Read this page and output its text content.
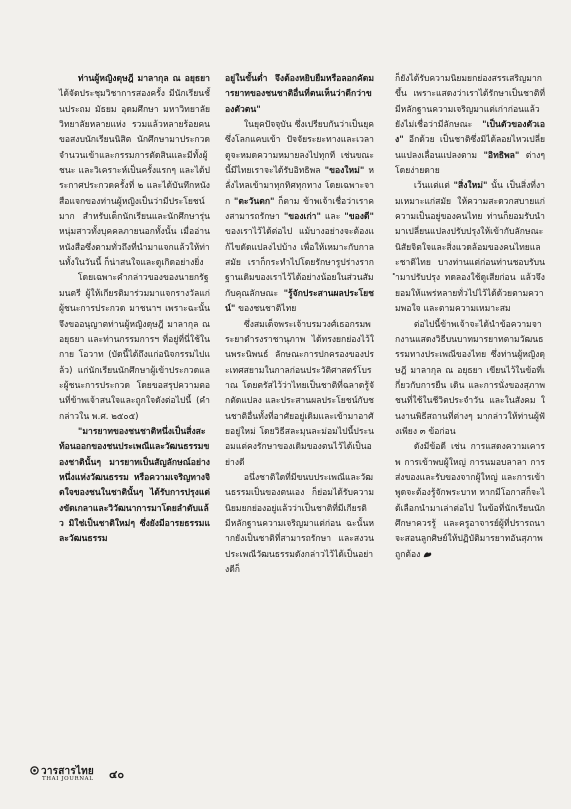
ท่านผู้หญิงดุษฎี มาลากุล ณ อยุธยา ได้จัดประชุมวิชาการสองครั้ง มีนักเรียนชั้นประถม มัธยม อุดมศึกษา มหาวิทยาลัย วิทยาลัยหลายแห่ง รวมแล้วหลายร้อยคน ขอสงบนักเรียนนิสิต นักศึกษามาประกวด จำนวนเข้าและกรรมการตัดสินและมีทั้งผู้ชนะ และวิเคราะห์เป็นครั้งแรกๆ และได้ประกาศประกวดครั้งที่ ๒ และได้บันทึกหนังสือแจกของท่านผู้หญิงเป็นว่ามีประโยชน์มาก สำหรับเด็กนักเรียนและนักศึกษารุ่นหนุ่มสาวทั้งบุคคลภายนอกทั้งนั้น เมื่ออ่านหนังสือซึ่งตามทั่วถึงที่นำมาแจกแล้วให้ท่านทั้งในวันนี้ ก็น่าสนใจและดูเกิดอย่างยิ่ง

โดยเฉพาะคำกล่าวของของนายกรัฐมนตรี ผู้ให้เกียรติมาร่วมมาแจกรางวัลแก่ผู้ชนะการประกวด มาชนาฯ เพราะฉะนั้นจึงขออนุญาตท่านผู้หญิงดุษฎี มาลากุล ณ อยุธยา และท่านกรรมการฯ ที่อยู่ที่นี่ใช้ในกาย โอวาท (บัดนี้ได้ถึงแก่อนิจกรรมไปแล้ว) แก่นักเรียนนักศึกษาผู้เข้าประกวดและผู้ชนะการประกวด โดยขอสรุปความตอนที่ข้าพเจ้าสนใจและถูกใจดังต่อไปนี้ (คำกล่าวใน พ.ศ. ๒๕๐๕)

"มารยาทของชนชาติหนึ่งเป็นสิ่งสะท้อนออกของชนประเพณีและวัฒนธรรมของชาตินั้นๆ มารยาทเป็นสัญลักษณ์อย่างหนึ่งแห่งวัฒนธรรม หรือความเจริญทางจิตใจของชนในชาตินั้นๆ ได้รับการปรุงแต่งขัดเกลาและวิวัฒนาการมาโดยลำดับแล้ว มิใช่เป็นชาติใหม่ๆ ซึ่งยังมีอารยธรรมและวัฒนธรรม

อยู่ในขั้นต่ำ จึงต้องหยิบยืมหรือลอกคัดมารยาทของชนชาติอื่นที่ตนเห็นว่าดีกว่าของตัวตน"

ในยุคปัจจุบัน ซึ่งเปรียบกันว่าเป็นยุคซึ่งโลกแคบเข้า ปัจจัยระยะทางและเวลาดูจะหมดความหมายลงไปทุกที เช่นขณะนี้มีไทยเราจะได้รับอิทธิพล "ของใหม่" หลั่งไหลเข้ามาทุกทิศทุกทาง โดยเฉพาะจาก "ตะวันตก" ก็ตาม ข้าพเจ้าเชื่อว่าเราคงสามารถรักษา "ของเก่า" และ "ของดี" ของเราไว้ได้ต่อไป แม้บางอย่างจะต้องแก้ไขดัดแปลงไปบ้าง เพื่อให้เหมาะกับกาลสมัย เราก็กระทำไปโดยรักษารูปร่างรากฐานเดิมของเราไว้ได้อย่างน้อยในส่วนสัมกับคุณลักษณะ "รู้จักประสานผลประโยชน์" ของชนชาติไทย

ซึ่งสมเด็จพระเจ้าบรมวงศ์เธอกรมพระยาดำรงราชานุภาพ ได้ทรงยกย่องไว้ในพระนิพนธ์ ลักษณะการปกครองของประเทศสยามในกาลก่อนประวัติศาสตร์โบราณ โดยตรัสไว้ว่าไทยเป็นชาติที่ฉลาดรู้จักตัดแปลง และประสานผลประโยชน์กับชนชาติอื่นทั้งที่อาศัยอยู่เดิมและเข้ามาอาศัยอยู่ใหม่ โดยวิธีสละมุนละม่อมไปนี้ประนอมแต่คงรักษาของเดิมของตนไว้ได้เป็นอย่างดี

อนึ่งชาติใดที่มีขนบประเพณีและวัฒนธรรมเป็นของตนเอง ก็ย่อมได้รับความนิยมยกย่องอยู่แล้วว่าเป็นชาติที่มีเกียรติ มีหลักฐานความเจริญมาแต่ก่อน ฉะนั้นหากยังเป็นชาติที่สามารถรักษา และสงวนประเพณีวัฒนธรรมดังกล่าวไว้ได้เป็นอย่างดีก็

ก็ยังได้รับความนิยมยกย่องสรรเสริญมากขึ้น เพราะแสดงว่าเราได้รักษาเป็นชาติที่มีหลักฐานความเจริญมาแต่เก่าก่อนแล้ว ยังไม่เชื่อว่ามีลักษณะ "เป็นตัวของตัวเอง" อีกด้วย เป็นชาติซึ่งมิได้ลอยไหวเปลี่ยนแปลงเลื่อนแปลงตาม "อิทธิพล" ต่างๆ โดยง่ายดาย

เว้นแต่แต่ "สิ่งใหม่" นั้น เป็นสิ่งที่งามเหมาะแก่สมัย ให้ความสะดวกสบายแก่ความเป็นอยู่ของคนไทย ท่านก็ยอมรับนำมาเปลี่ยนแปลงปรับปรุงให้เข้ากับลักษณะนิสัยจิตใจและสิ่งแวดล้อมของคนไทยและชาติไทย บางท่านแต่ก่อนท่านชอบรับนำมาปรับปรุง ทดลองใช้ดูเสียก่อน แล้วจึงยอมให้แพร่หลายทั่วไปไว้ได้ด้วยตามความพอใจ และตามความเหมาะสม

ต่อไปนี้ข้าพเจ้าจะได้นำข้อความจากงานแสดงวิธีบนบาทมารยาทตามวัฒนธรรมทางประเพณีของไทย ซึ่งท่านผู้หญิงดุษฎี มาลากุล ณ อยุธยา เขียนไว้ในข้อที่เกี่ยวกับการยืน เดิน และการนั่งของสุภาพชนที่ใช้ในชีวิตประจำวัน และในสังคม ในงานพิธีสถานที่ต่างๆ มากล่าวให้ท่านผู้ฟังเพียง ๓ ข้อก่อน

ดังมีข้อดี เช่น การแสดงความเคารพ การเข้าพบผู้ใหญ่ การนมอบลาลา การส่งของและรับของจากผู้ใหญ่ และการเข้าพูดจะต้องรู้จักพระบาท หากมีโอกาสก็จะได้เลือกนำมาเล่าต่อไป ในข้อที่นักเรียนนักศึกษาควรรู้ และครูอาจารย์ผู้ที่ปรารถนาจะสอนลูกศิษย์ให้ปฏิบัติมารยาทอันสุภาพถูกต้อง

วารสารไทย
THAI JOURNAL ๔๐
